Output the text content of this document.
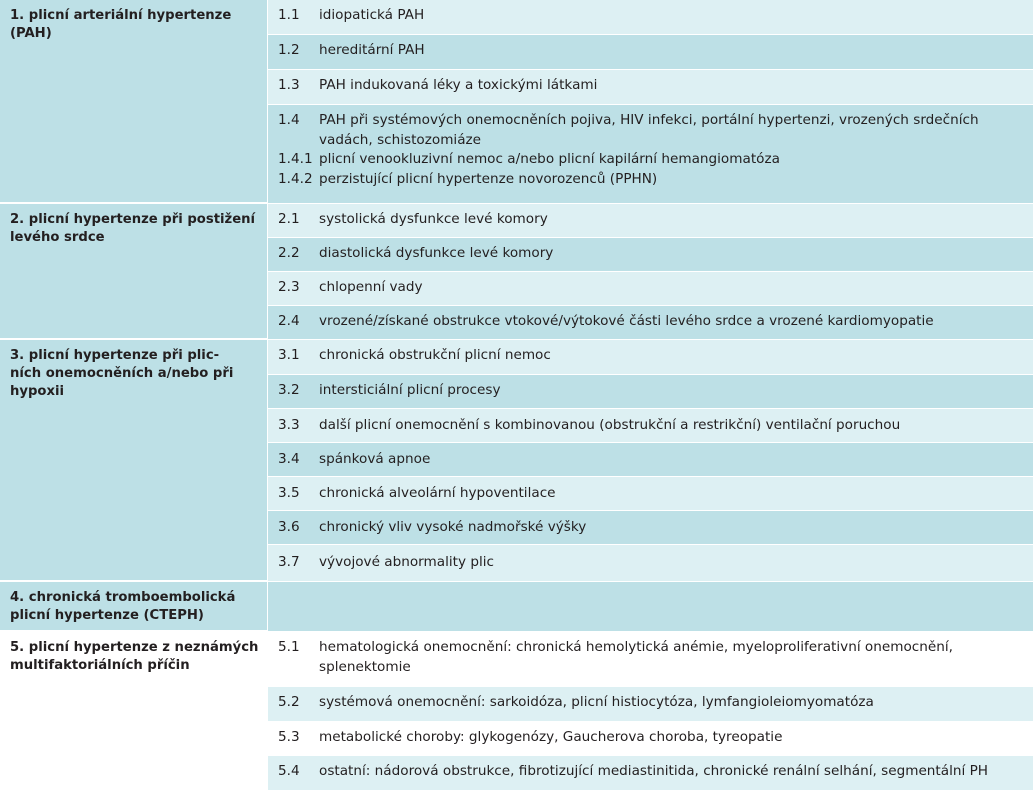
1. plicní arteriální hypertenze (PAH)
1.1	idiopatická PAH
1.2	hereditární PAH
1.3	PAH indukovaná léky a toxickými látkami
1.4	PAH při systémových onemocněních pojiva, HIV infekci, portální hypertenzi, vrozených srdečních vadách, schistozomiáze
1.4.1 plicní venookluzivní nemoc a/nebo plicní kapilární hemangiomatóza
1.4.2 perzistující plicní hypertenze novorozenců (PPHN)
2. plicní hypertenze při postižení levého srdce
2.1	systolická dysfunkce levé komory
2.2	diastolická dysfunkce levé komory
2.3	chlopenní vady
2.4	vrozené/získané obstrukce vtokové/výtokové části levého srdce a vrozené kardiomyopatie
3. plicní hypertenze při plic-
ních onemocněních a/nebo při hypoxii
3.1	chronická obstrukční plicní nemoc
3.2	intersticiální plicní procesy
3.3	další plicní onemocnění s kombinovanou (obstrukční a restrikční) ventilační poruchou
3.4	spánková apnoe
3.5	chronická alveolární hypoventilace
3.6	chronický vliv vysoké nadmořské výšky
3.7	vývojové abnormality plic
4. chronická tromboembolická plicní hypertenze (CTEPH)
5. plicní hypertenze z neznámých multifaktoriálních příčin
5.1	hematologická onemocnění: chronická hemolytická anémie, myeloproliferativní onemocnění, splenektomie
5.2	systémová onemocnění: sarkoidóza, plicní histiocytóza, lymfangioleiomyomatóza
5.3	metabolické choroby: glykogenózy, Gaucherova choroba, tyreopatie
5.4	ostatní: nádorová obstrukce, fibrotizující mediastinitida, chronické renální selhání, segmentální PH
